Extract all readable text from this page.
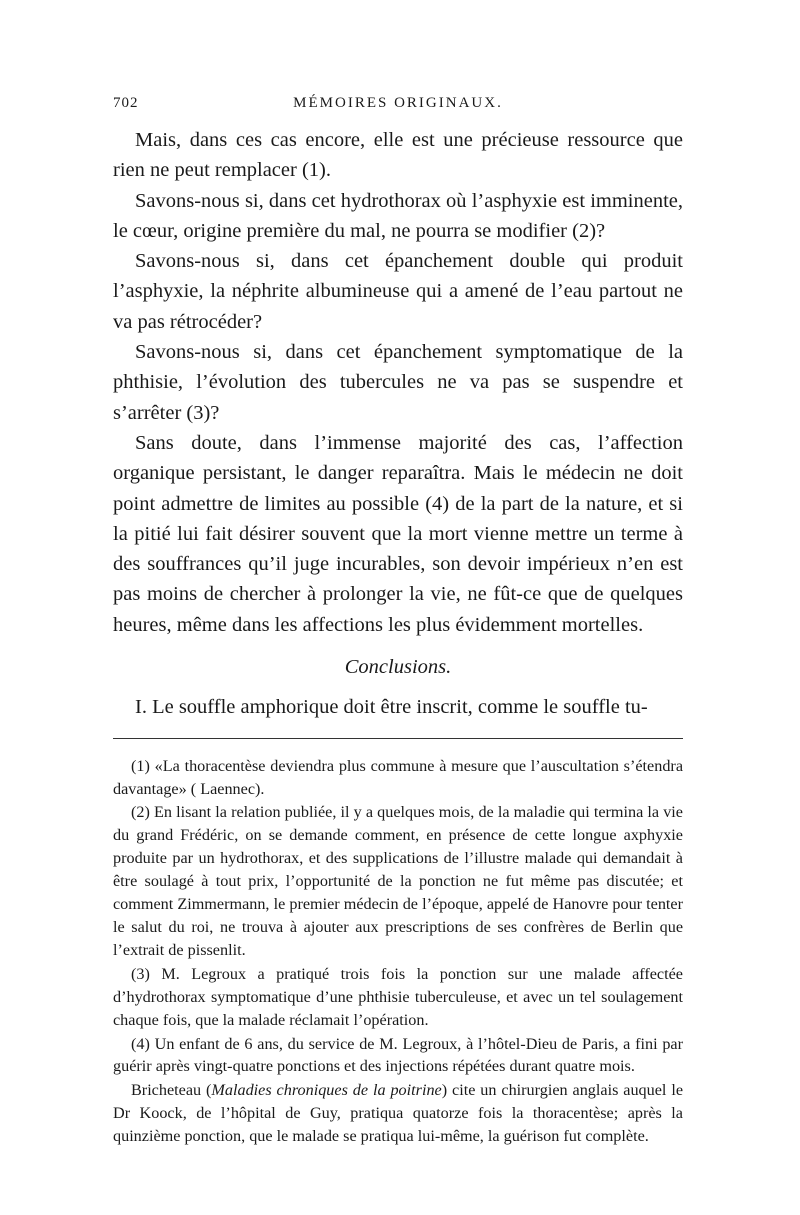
702	MÉMOIRES ORIGINAUX.

Mais, dans ces cas encore, elle est une précieuse ressource que rien ne peut remplacer (1).

Savons-nous si, dans cet hydrothorax où l’asphyxie est imminente, le cœur, origine première du mal, ne pourra se modifier (2)?

Savons-nous si, dans cet épanchement double qui produit l’asphyxie, la néphrite albumineuse qui a amené de l’eau partout ne va pas rétrocéder?

Savons-nous si, dans cet épanchement symptomatique de la phthisie, l’évolution des tubercules ne va pas se suspendre et s’arrêter (3)?

Sans doute, dans l’immense majorité des cas, l’affection organique persistant, le danger reparaîtra. Mais le médecin ne doit point admettre de limites au possible (4) de la part de la nature, et si la pitié lui fait désirer souvent que la mort vienne mettre un terme à des souffrances qu’il juge incurables, son devoir impérieux n’en est pas moins de chercher à prolonger la vie, ne fût-ce que de quelques heures, même dans les affections les plus évidemment mortelles.

Conclusions.

I. Le souffle amphorique doit être inscrit, comme le souffle tu-

(1) «La thoracentèse deviendra plus commune à mesure que l’auscultation s’étendra davantage» ( Laennec).

(2) En lisant la relation publiée, il y a quelques mois, de la maladie qui termina la vie du grand Frédéric, on se demande comment, en présence de cette longue axphyxie produite par un hydrothorax, et des supplications de l’illustre malade qui demandait à être soulagé à tout prix, l’opportunité de la ponction ne fut même pas discutée; et comment Zimmermann, le premier médecin de l’époque, appelé de Hanovre pour tenter le salut du roi, ne trouva à ajouter aux prescriptions de ses confrères de Berlin que l’extrait de pissenlit.

(3) M. Legroux a pratiqué trois fois la ponction sur une malade affectée d’hydrothorax symptomatique d’une phthisie tuberculeuse, et avec un tel soulagement chaque fois, que la malade réclamait l’opération.

(4) Un enfant de 6 ans, du service de M. Legroux, à l’hôtel-Dieu de Paris, a fini par guérir après vingt-quatre ponctions et des injections répétées durant quatre mois.

Bricheteau (Maladies chroniques de la poitrine) cite un chirurgien anglais auquel le Dr Koock, de l’hôpital de Guy, pratiqua quatorze fois la thoracentèse; après la quinzième ponction, que le malade se pratiqua lui-même, la guérison fut complète.
